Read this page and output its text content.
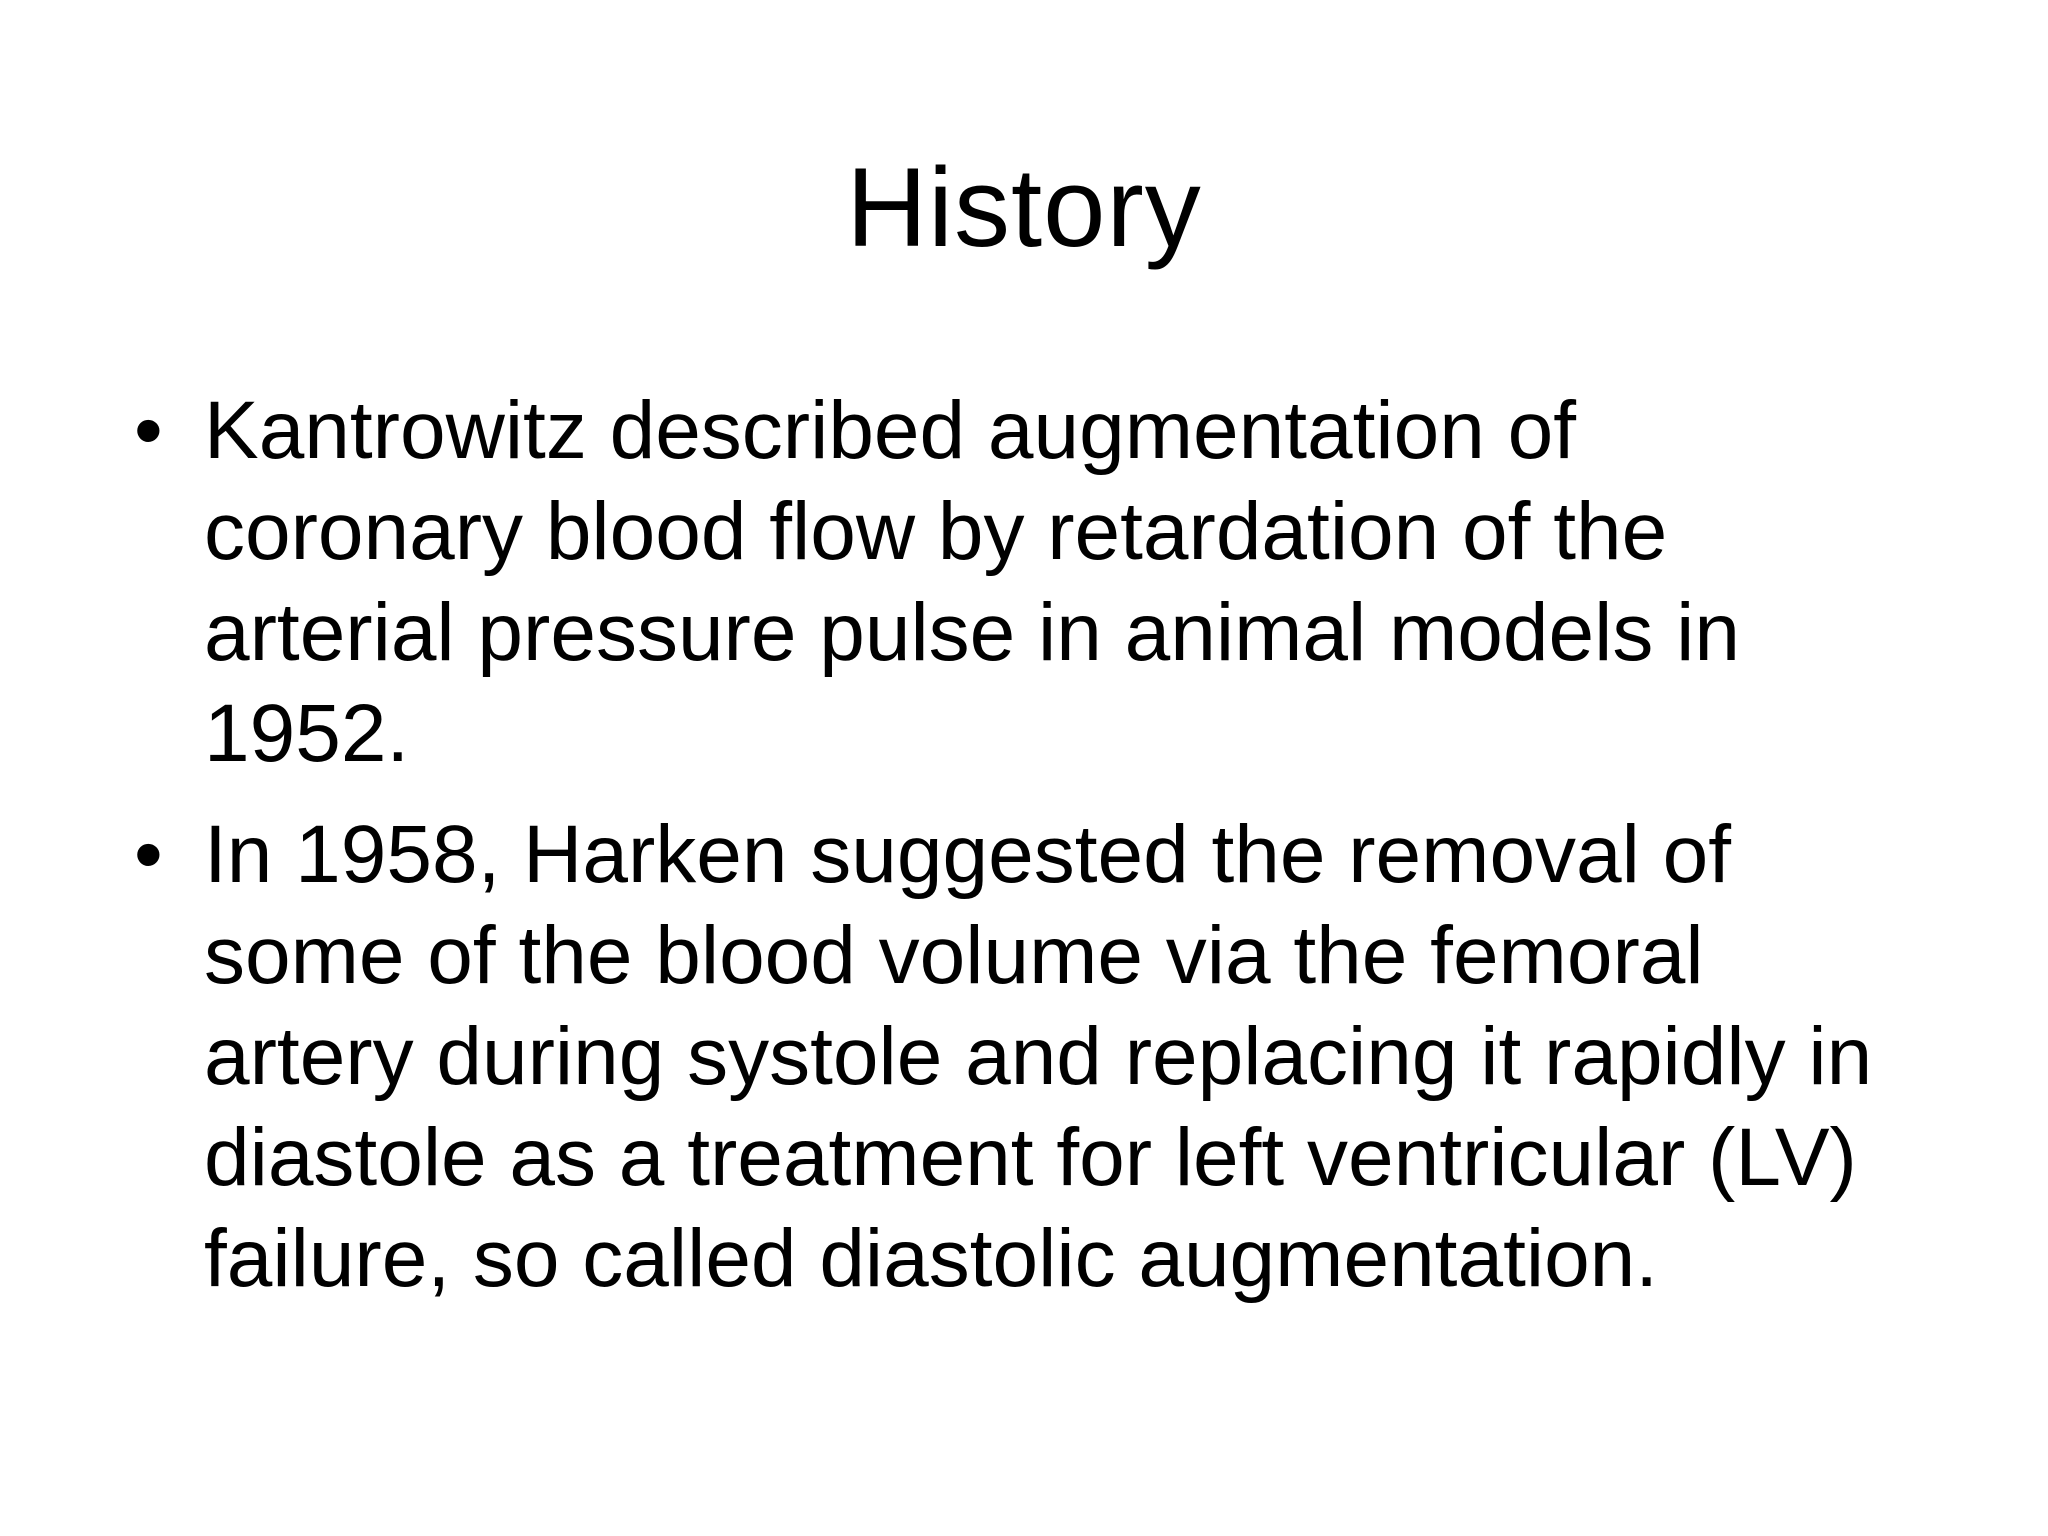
History
• Kantrowitz described augmentation of
coronary blood flow by retardation of the
arterial pressure pulse in animal models in
1952.
• In 1958, Harken suggested the removal of
some of the blood volume via the femoral
artery during systole and replacing it rapidly in
diastole as a treatment for left ventricular (LV)
failure, so called diastolic augmentation.
